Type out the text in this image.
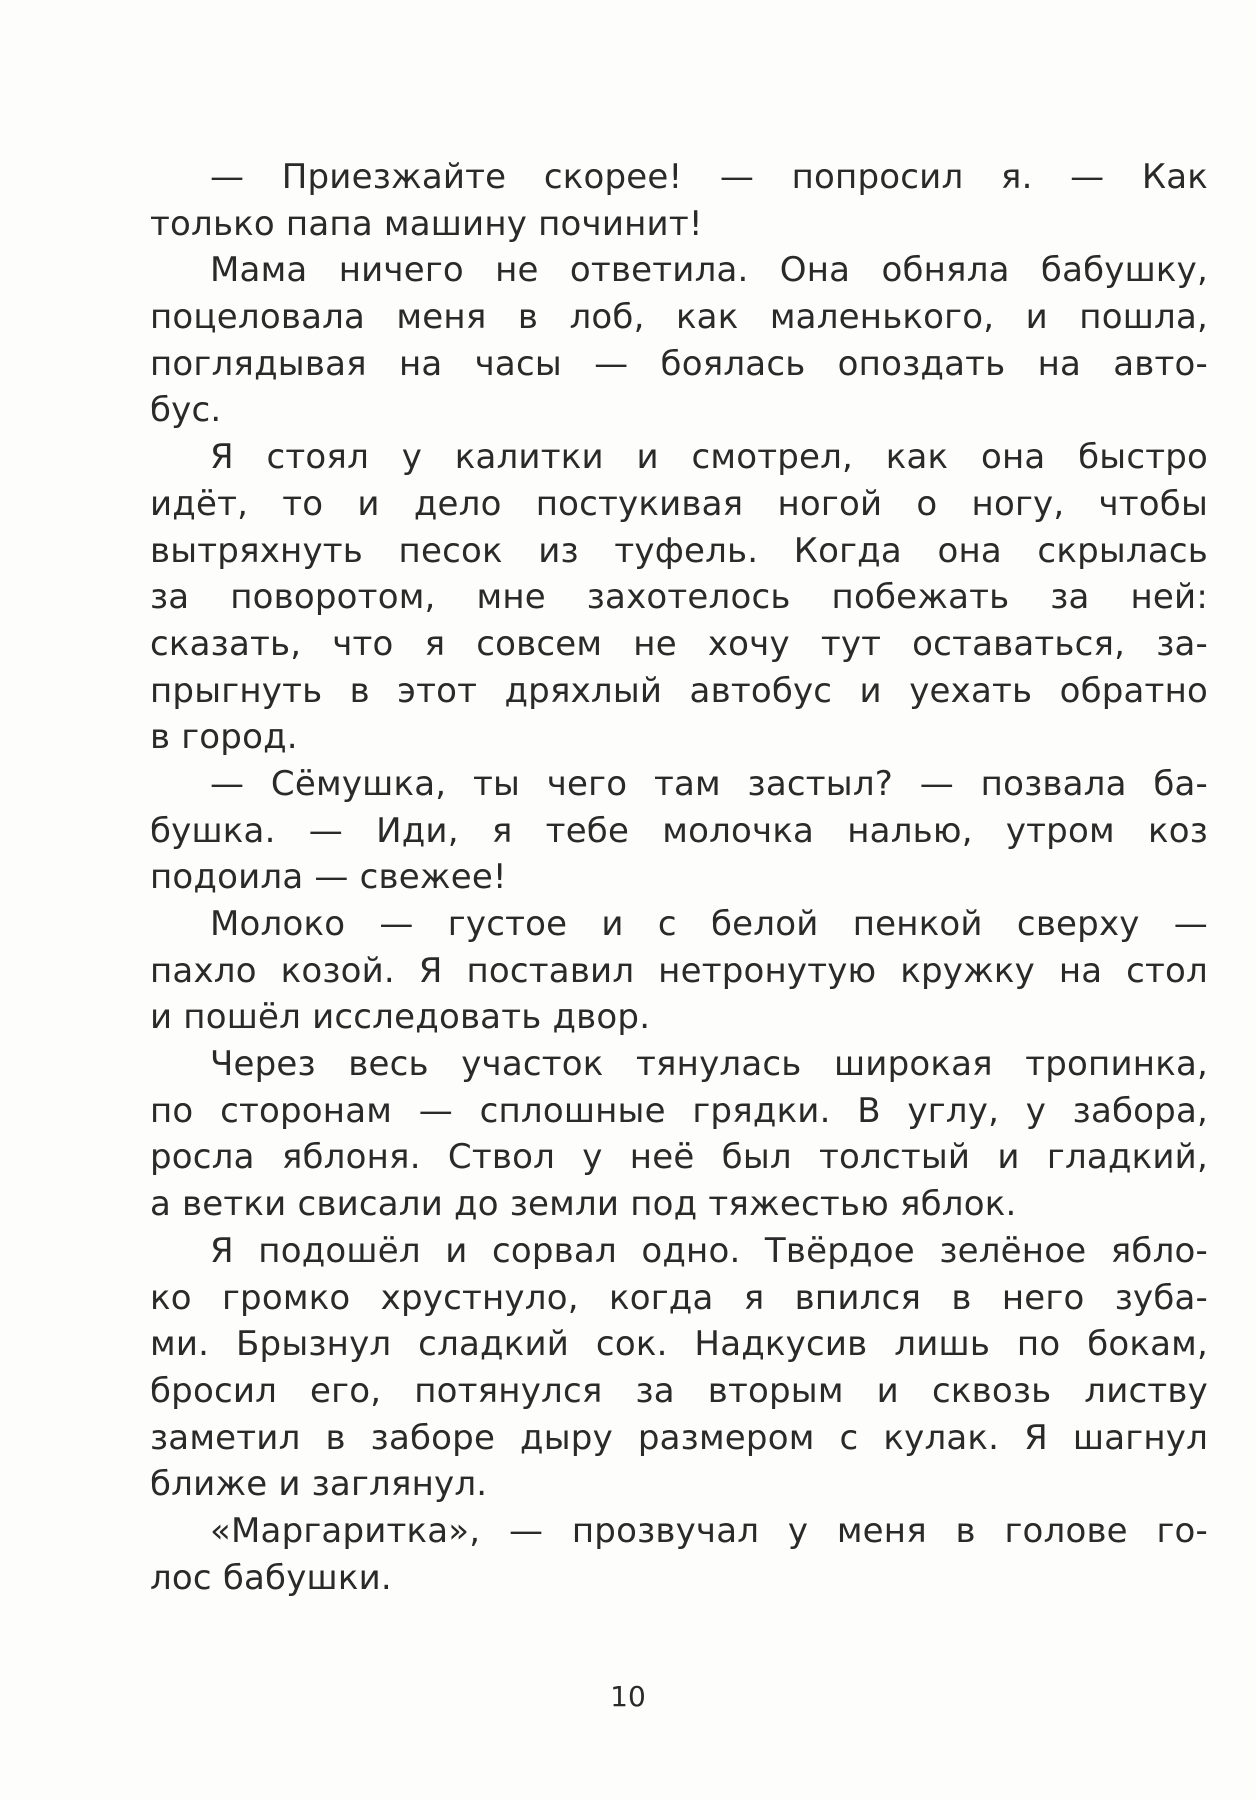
— Приезжайте скорее! — попросил я. — Как
только папа машину починит!
Мама ничего не ответила. Она обняла бабушку,
поцеловала меня в лоб, как маленького, и пошла,
поглядывая на часы — боялась опоздать на авто-
бус.
Я стоял у калитки и смотрел, как она быстро
идёт, то и дело постукивая ногой о ногу, чтобы
вытряхнуть песок из туфель. Когда она скрылась
за поворотом, мне захотелось побежать за ней:
сказать, что я совсем не хочу тут оставаться, за-
прыгнуть в этот дряхлый автобус и уехать обратно
в город.
— Сёмушка, ты чего там застыл? — позвала ба-
бушка. — Иди, я тебе молочка налью, утром коз
подоила — свежее!
Молоко — густое и с белой пенкой сверху —
пахло козой. Я поставил нетронутую кружку на стол
и пошёл исследовать двор.
Через весь участок тянулась широкая тропинка,
по сторонам — сплошные грядки. В углу, у забора,
росла яблоня. Ствол у неё был толстый и гладкий,
а ветки свисали до земли под тяжестью яблок.
Я подошёл и сорвал одно. Твёрдое зелёное ябло-
ко громко хрустнуло, когда я впился в него зуба-
ми. Брызнул сладкий сок. Надкусив лишь по бокам,
бросил его, потянулся за вторым и сквозь листву
заметил в заборе дыру размером с кулак. Я шагнул
ближе и заглянул.
«Маргаритка», — прозвучал у меня в голове го-
лос бабушки.
10
